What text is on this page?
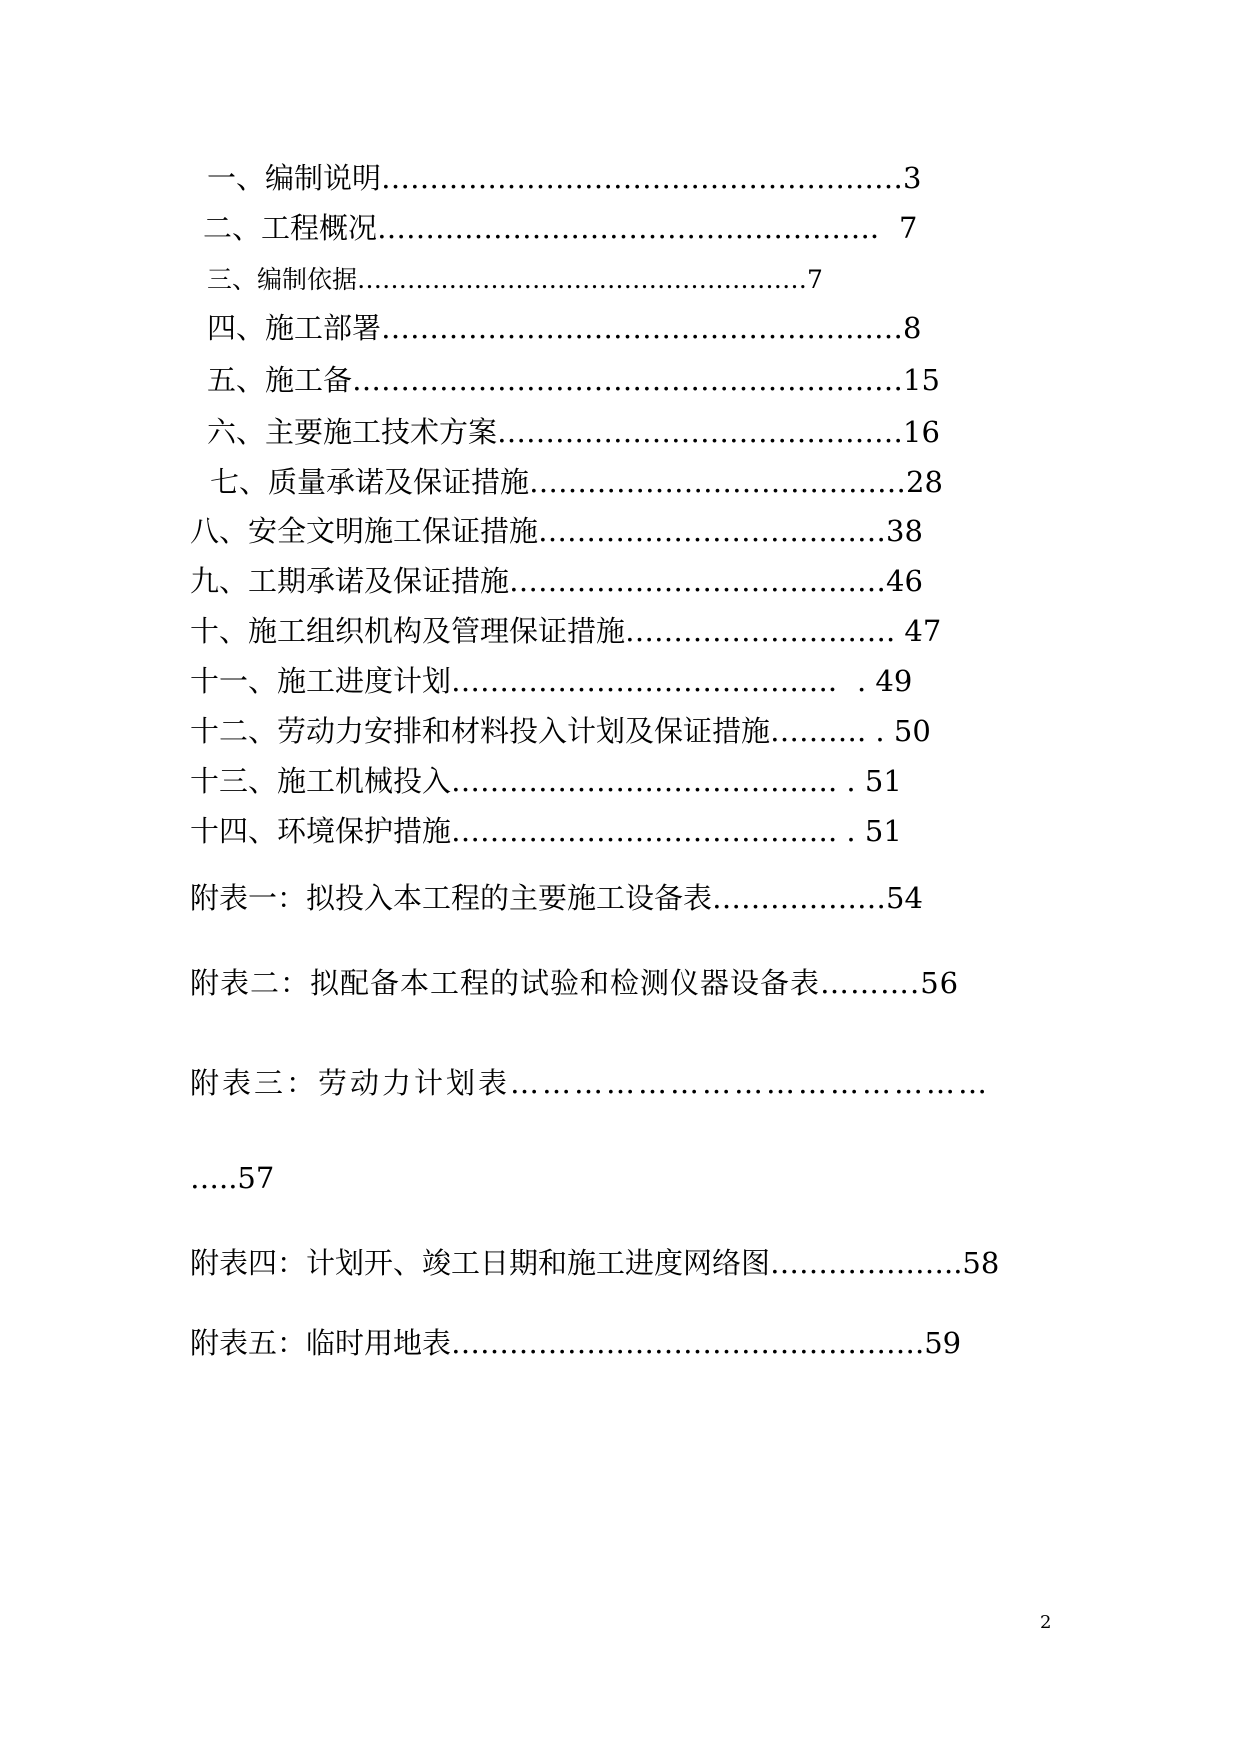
一、编制说明………………………………………………3
二、工程概况……………………………………………．7
三、编制依据………………………………………………7
四、施工部署………………………………………………8
五、施工备…………………………………………………15
六、主要施工技术方案……………………………………16
七、质量承诺及保证措施…………………………………28
八、安全文明施工保证措施………………………………38
九、工期承诺及保证措施…………………………………46
十、施工组织机构及管理保证措施………………………. 47
十一、施工进度计划…………………………………．. 49
十二、劳动力安排和材料投入计划及保证措施………. . 50
十三、施工机械投入…………………………………. . 51
十四、环境保护措施…………………………………. . 51
附表一：拟投入本工程的主要施工设备表………………54
附表二：拟配备本工程的试验和检测仪器设备表……….56
附表三：劳动力计划表………………………………………
…..57
附表四：计划开、竣工日期和施工进度网络图………………..58
附表五：临时用地表………………………………………….59
2
